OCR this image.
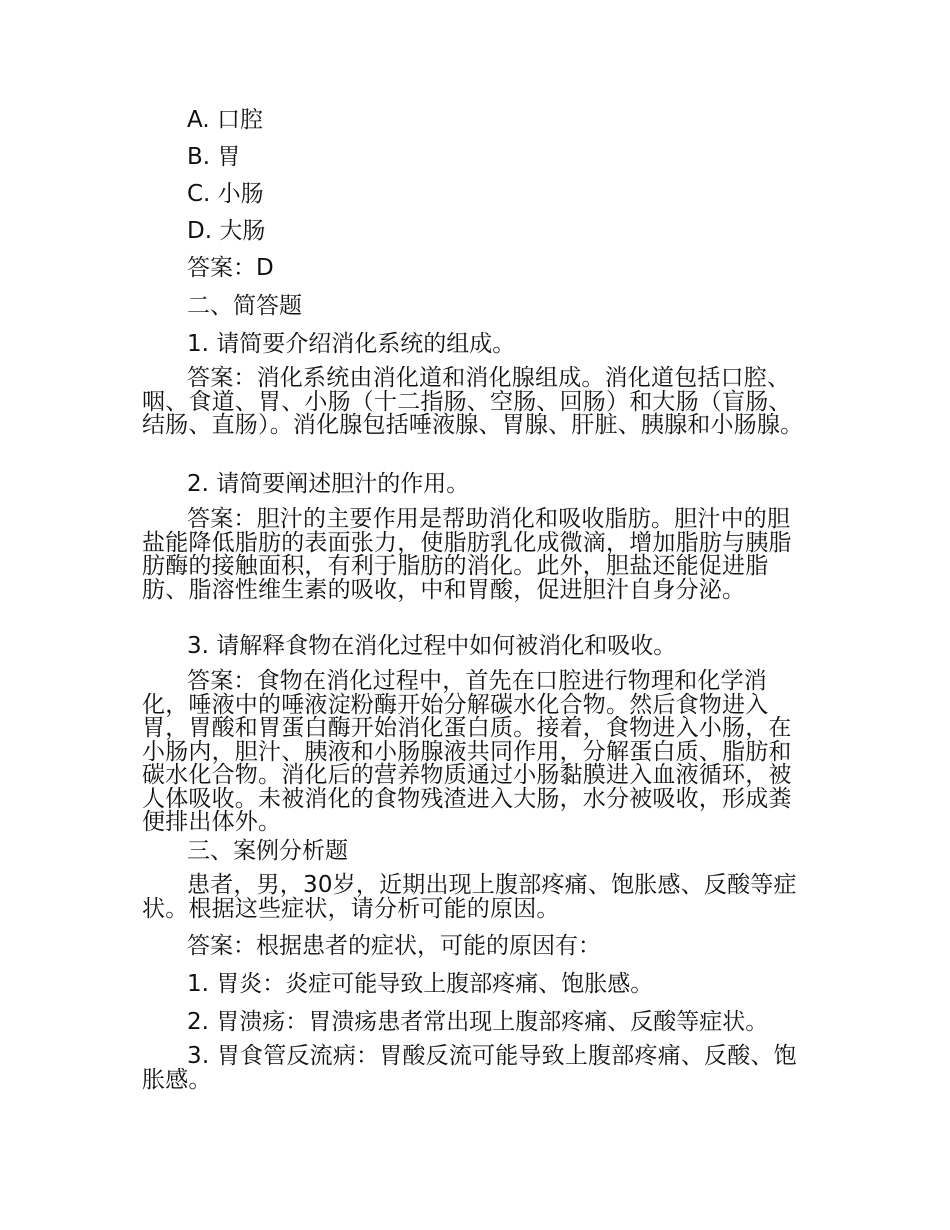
A. 口腔

B. 胃

C. 小肠

D. 大肠

答案：D

二、简答题

1. 请简要介绍消化系统的组成。

答案：消化系统由消化道和消化腺组成。消化道包括口腔、咽、食道、胃、小肠（十二指肠、空肠、回肠）和大肠（盲肠、结肠、直肠）。消化腺包括唾液腺、胃腺、肝脏、胰腺和小肠腺。

2. 请简要阐述胆汁的作用。

答案：胆汁的主要作用是帮助消化和吸收脂肪。胆汁中的胆盐能降低脂肪的表面张力，使脂肪乳化成微滴，增加脂肪与胰脂肪酶的接触面积，有利于脂肪的消化。此外，胆盐还能促进脂肪、脂溶性维生素的吸收，中和胃酸，促进胆汁自身分泌。

3. 请解释食物在消化过程中如何被消化和吸收。

答案：食物在消化过程中，首先在口腔进行物理和化学消化，唾液中的唾液淀粉酶开始分解碳水化合物。然后食物进入胃，胃酸和胃蛋白酶开始消化蛋白质。接着，食物进入小肠，在小肠内，胆汁、胰液和小肠腺液共同作用，分解蛋白质、脂肪和碳水化合物。消化后的营养物质通过小肠黏膜进入血液循环，被人体吸收。未被消化的食物残渣进入大肠，水分被吸收，形成粪便排出体外。

三、案例分析题

患者，男，30岁，近期出现上腹部疼痛、饱胀感、反酸等症状。根据这些症状，请分析可能的原因。

答案：根据患者的症状，可能的原因有：

1. 胃炎：炎症可能导致上腹部疼痛、饱胀感。

2. 胃溃疡：胃溃疡患者常出现上腹部疼痛、反酸等症状。

3. 胃食管反流病：胃酸反流可能导致上腹部疼痛、反酸、饱胀感。
